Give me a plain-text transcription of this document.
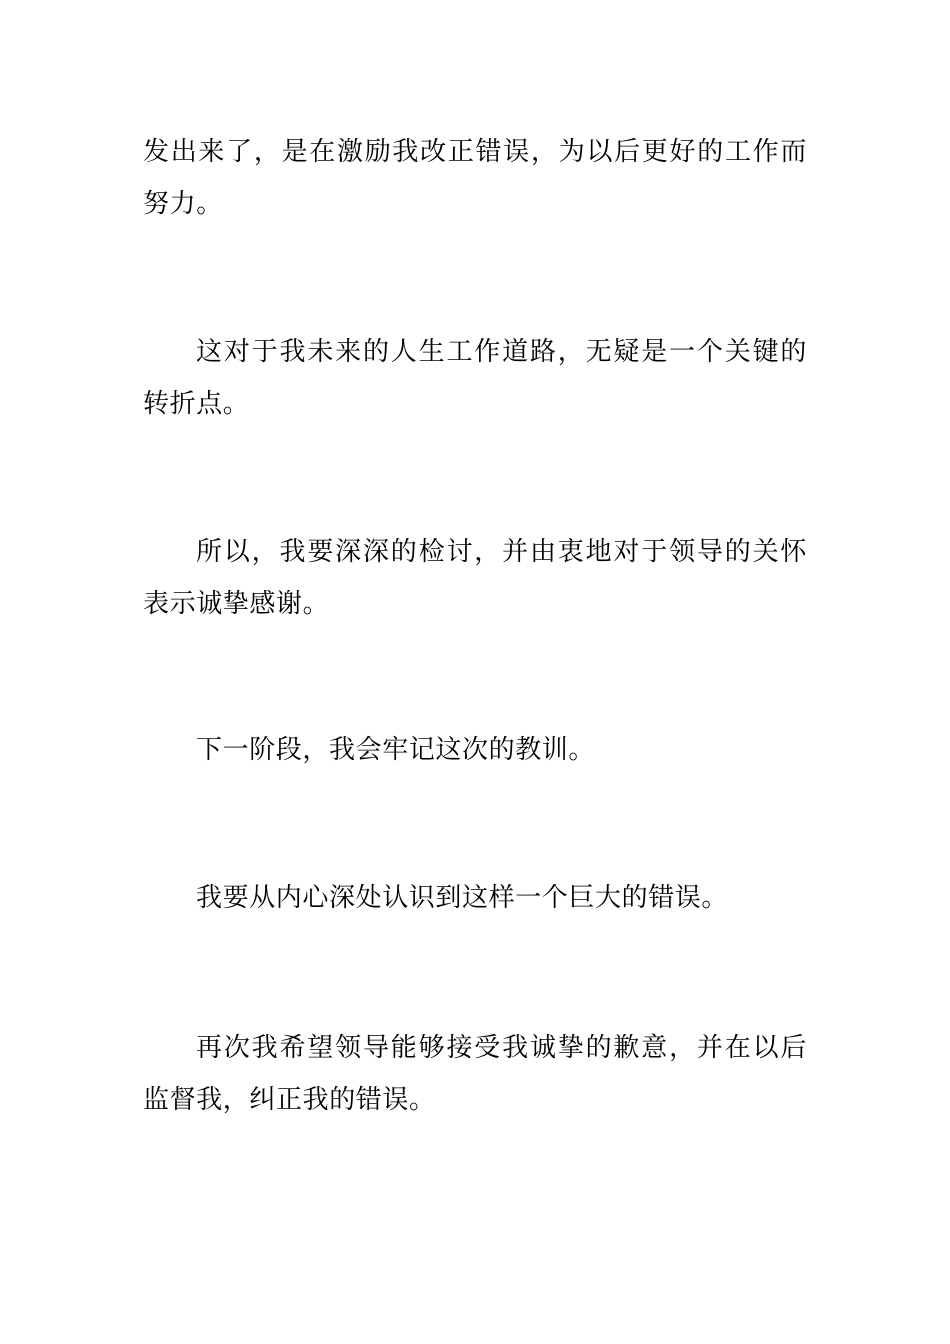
发出来了，是在激励我改正错误，为以后更好的工作而努力。

这对于我未来的人生工作道路，无疑是一个关键的转折点。

所以，我要深深的检讨，并由衷地对于领导的关怀表示诚挚感谢。

下一阶段，我会牢记这次的教训。

我要从内心深处认识到这样一个巨大的错误。

再次我希望领导能够接受我诚挚的歉意，并在以后监督我，纠正我的错误。
